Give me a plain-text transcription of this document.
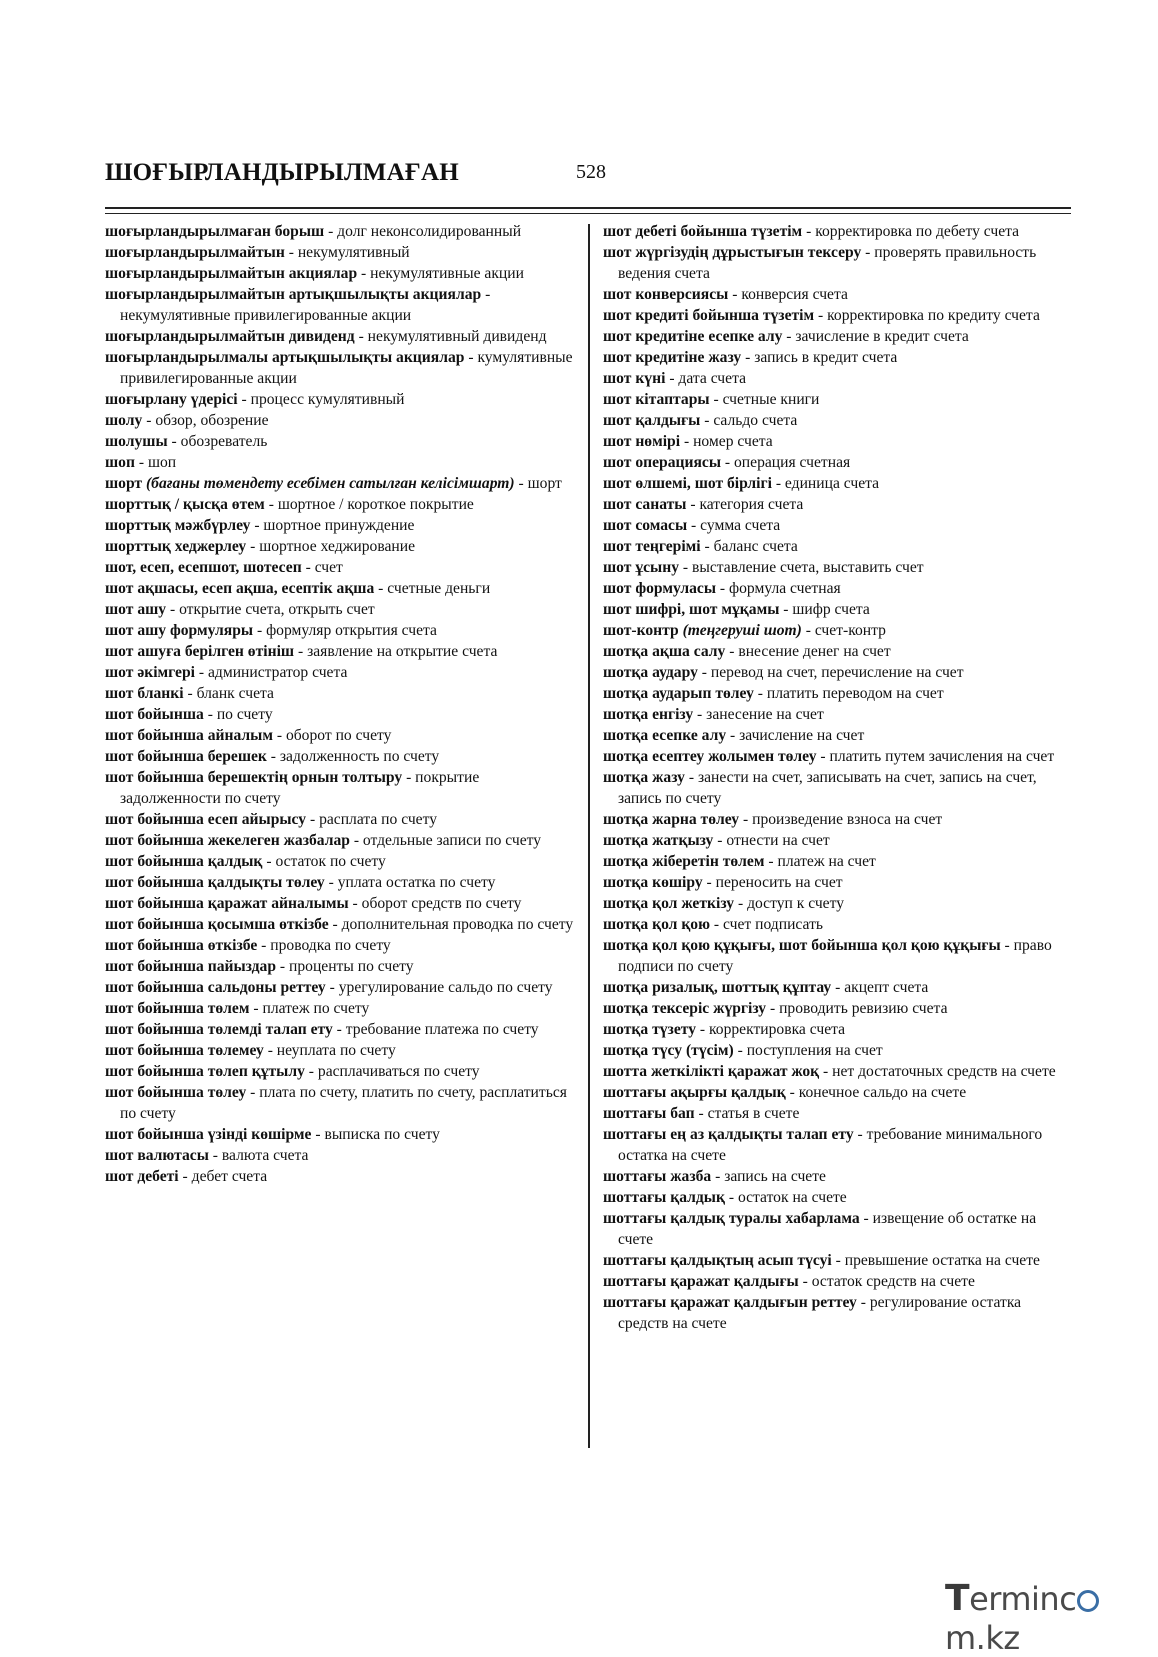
ШОҒЫРЛАНДЫРЫЛМАҒАН	528
шоғырландырылмаған борыш - долг неконсолидированный
шоғырландырылмайтын - некумулятивный
шоғырландырылмайтын акциялар - некумулятивные акции
шоғырландырылмайтын артықшылықты акциялар - некумулятивные привилегированные акции
шоғырландырылмайтын дивиденд - некумулятивный дивиденд
шоғырландырылмалы артықшылықты акциялар - кумулятивные привилегированные акции
шоғырлану үдерісі - процесс кумулятивный
шолу - обзор, обозрение
шолушы - обозреватель
шоп - шоп
шорт (бағаны төмендету есебімен сатылған келісімшарт) - шорт
шорттық / қысқа өтем - шортное / короткое покрытие
шорттық мәжбүрлеу - шортное принуждение
шорттық хеджерлеу - шортное хеджирование
шот, есеп, есепшот, шотесеп - счет
шот ақшасы, есеп ақша, есептік ақша - счетные деньги
шот ашу - открытие счета, открыть счет
шот ашу формуляры - формуляр открытия счета
шот ашуға берілген өтініш - заявление на открытие счета
шот әкімгері - администратор счета
шот бланкі - бланк счета
шот бойынша - по счету
шот бойынша айналым - оборот по счету
шот бойынша берешек - задолженность по счету
шот бойынша берешектің орнын толтыру - покрытие задолженности по счету
шот бойынша есеп айырысу - расплата по счету
шот бойынша жекелеген жазбалар - отдельные записи по счету
шот бойынша қалдық - остаток по счету
шот бойынша қалдықты төлеу - уплата остатка по счету
шот бойынша қаражат айналымы - оборот средств по счету
шот бойынша қосымша өткізбе - дополнительная проводка по счету
шот бойынша өткізбе - проводка по счету
шот бойынша пайыздар - проценты по счету
шот бойынша сальдоны реттеу - урегулирование сальдо по счету
шот бойынша төлем - платеж по счету
шот бойынша төлемді талап ету - требование платежа по счету
шот бойынша төлемеу - неуплата по счету
шот бойынша төлеп құтылу - расплачиваться по счету
шот бойынша төлеу - плата по счету, платить по счету, расплатиться по счету
шот бойынша үзінді көшірме - выписка по счету
шот валютасы - валюта счета
шот дебеті - дебет счета
шот дебеті бойынша түзетім - корректировка по дебету счета
шот жүргізудің дұрыстығын тексеру - проверять правильность ведения счета
шот конверсиясы - конверсия счета
шот кредиті бойынша түзетім - корректировка по кредиту счета
шот кредитіне есепке алу - зачисление в кредит счета
шот кредитіне жазу - запись в кредит счета
шот күні - дата счета
шот кітаптары - счетные книги
шот қалдығы - сальдо счета
шот нөмірі - номер счета
шот операциясы - операция счетная
шот өлшемі, шот бірлігі - единица счета
шот санаты - категория счета
шот сомасы - сумма счета
шот теңгерімі - баланс счета
шот ұсыну - выставление счета, выставить счет
шот формуласы - формула счетная
шот шифрі, шот мұқамы - шифр счета
шот-контр (теңгеруші шот) - счет-контр
шотқа ақша салу - внесение денег на счет
шотқа аудару - перевод на счет, перечисление на счет
шотқа аударып төлеу - платить переводом на счет
шотқа енгізу - занесение на счет
шотқа есепке алу - зачисление на счет
шотқа есептеу жолымен төлеу - платить путем зачисления на счет
шотқа жазу - занести на счет, записывать на счет, запись на счет, запись по счету
шотқа жарна төлеу - произведение взноса на счет
шотқа жатқызу - отнести на счет
шотқа жіберетін төлем - платеж на счет
шотқа көшіру - переносить на счет
шотқа қол жеткізу - доступ к счету
шотқа қол қою - счет подписать
шотқа қол қою құқығы, шот бойынша қол қою құқығы - право подписи по счету
шотқа ризалық, шоттық құптау - акцепт счета
шотқа тексеріс жүргізу - проводить ревизию счета
шотқа түзету - корректировка счета
шотқа түсу (түсім) - поступления на счет
шотта жеткілікті қаражат жоқ - нет достаточных средств на счете
шоттағы ақырғы қалдық - конечное сальдо на счете
шоттағы бап - статья в счете
шоттағы ең аз қалдықты талап ету - требование минимального остатка на счете
шоттағы жазба - запись на счете
шоттағы қалдық - остаток на счете
шоттағы қалдық туралы хабарлама - извещение об остатке на счете
шоттағы қалдықтың асып түсуі - превышение остатка на счете
шоттағы қаражат қалдығы - остаток средств на счете
шоттағы қаражат қалдығын реттеу - регулирование остатка средств на счете
Termincm.kz
